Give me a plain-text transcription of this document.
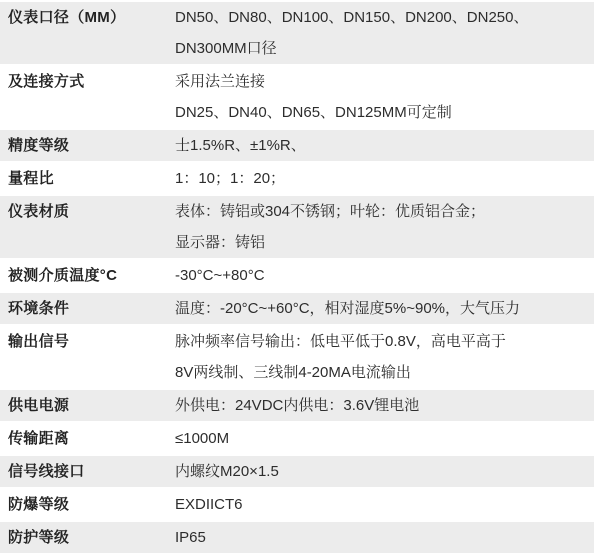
仪表口径（MM）	DN50、DN80、DN100、DN150、DN200、DN250、
DN300MM口径
及连接方式	采用法兰连接
DN25、DN40、DN65、DN125MM可定制
精度等级	士1.5%R、±1%R、
量程比	1：10；1：20；
仪表材质	表体：铸铝或304不锈钢；叶轮：优质铝合金；
显示器：铸铝
被测介质温度°C	-30°C~+80°C
环境条件	温度：-20°C~+60°C，相对湿度5%~90%，大气压力
输出信号	脉冲频率信号输出：低电平低于0.8V，高电平高于
8V两线制、三线制4-20MA电流输出
供电电源	外供电：24VDC内供电：3.6V锂电池
传输距离	≤1000M
信号线接口	内螺纹M20×1.5
防爆等级	EXDIICT6
防护等级	IP65
